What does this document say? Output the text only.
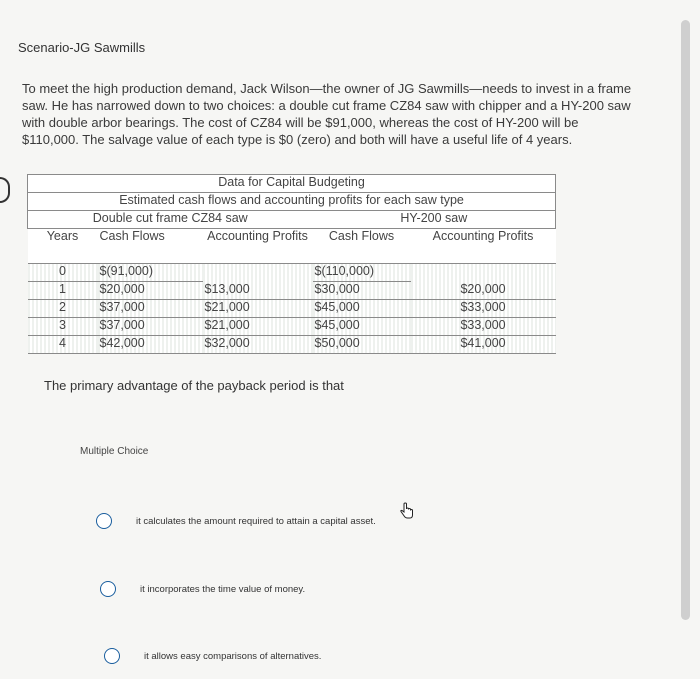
Scenario-JG Sawmills
To meet the high production demand, Jack Wilson—the owner of JG Sawmills—needs to invest in a frame saw. He has narrowed down to two choices: a double cut frame CZ84 saw with chipper and a HY-200 saw with double arbor bearings. The cost of CZ84 will be $91,000, whereas the cost of HY-200 will be $110,000. The salvage value of each type is $0 (zero) and both will have a useful life of 4 years.
Data for Capital Budgeting				
Estimated cash flows and accounting profits for each saw type				
Double cut frame CZ84 saw			HY-200 saw	
Years	Cash Flows	Accounting Profits	Cash Flows	Accounting Profits
0	$(91,000)		$(110,000)	
1	$20,000	$13,000	$30,000	$20,000
2	$37,000	$21,000	$45,000	$33,000
3	$37,000	$21,000	$45,000	$33,000
4	$42,000	$32,000	$50,000	$41,000
The primary advantage of the payback period is that
Multiple Choice
it calculates the amount required to attain a capital asset.
it incorporates the time value of money.
it allows easy comparisons of alternatives.
